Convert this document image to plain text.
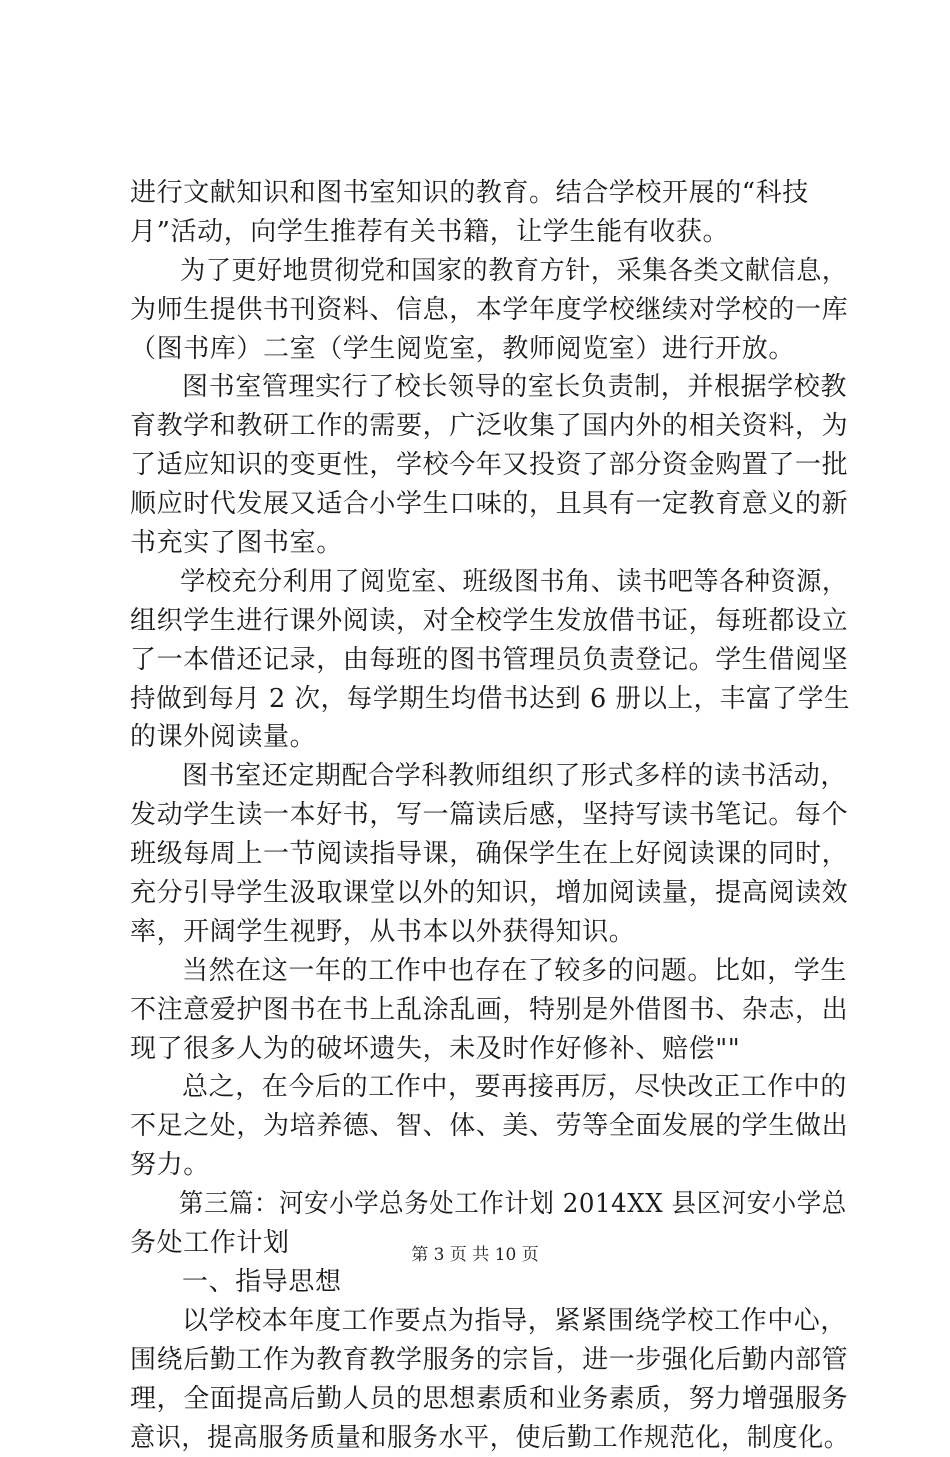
进行文献知识和图书室知识的教育。结合学校开展的“科技
月”活动，向学生推荐有关书籍，让学生能有收获。
为了更好地贯彻党和国家的教育方针，采集各类文献信息，
为师生提供书刊资料、信息，本学年度学校继续对学校的一库
（图书库）二室（学生阅览室，教师阅览室）进行开放。
图书室管理实行了校长领导的室长负责制，并根据学校教
育教学和教研工作的需要，广泛收集了国内外的相关资料，为
了适应知识的变更性，学校今年又投资了部分资金购置了一批
顺应时代发展又适合小学生口味的，且具有一定教育意义的新
书充实了图书室。
学校充分利用了阅览室、班级图书角、读书吧等各种资源，
组织学生进行课外阅读，对全校学生发放借书证，每班都设立
了一本借还记录，由每班的图书管理员负责登记。学生借阅坚
持做到每月 2 次，每学期生均借书达到 6 册以上，丰富了学生
的课外阅读量。
图书室还定期配合学科教师组织了形式多样的读书活动，
发动学生读一本好书，写一篇读后感，坚持写读书笔记。每个
班级每周上一节阅读指导课，确保学生在上好阅读课的同时，
充分引导学生汲取课堂以外的知识，增加阅读量，提高阅读效
率，开阔学生视野，从书本以外获得知识。
当然在这一年的工作中也存在了较多的问题。比如，学生
不注意爱护图书在书上乱涂乱画，特别是外借图书、杂志，出
现了很多人为的破坏遗失，未及时作好修补、赔偿""
总之，在今后的工作中，要再接再厉，尽快改正工作中的
不足之处，为培养德、智、体、美、劳等全面发展的学生做出
努力。
第三篇：河安小学总务处工作计划 2014XX 县区河安小学总
务处工作计划
一、指导思想
以学校本年度工作要点为指导，紧紧围绕学校工作中心，
围绕后勤工作为教育教学服务的宗旨，进一步强化后勤内部管
理，全面提高后勤人员的思想素质和业务素质，努力增强服务
意识，提高服务质量和服务水平，使后勤工作规范化，制度化。
第 3 页 共 10 页
